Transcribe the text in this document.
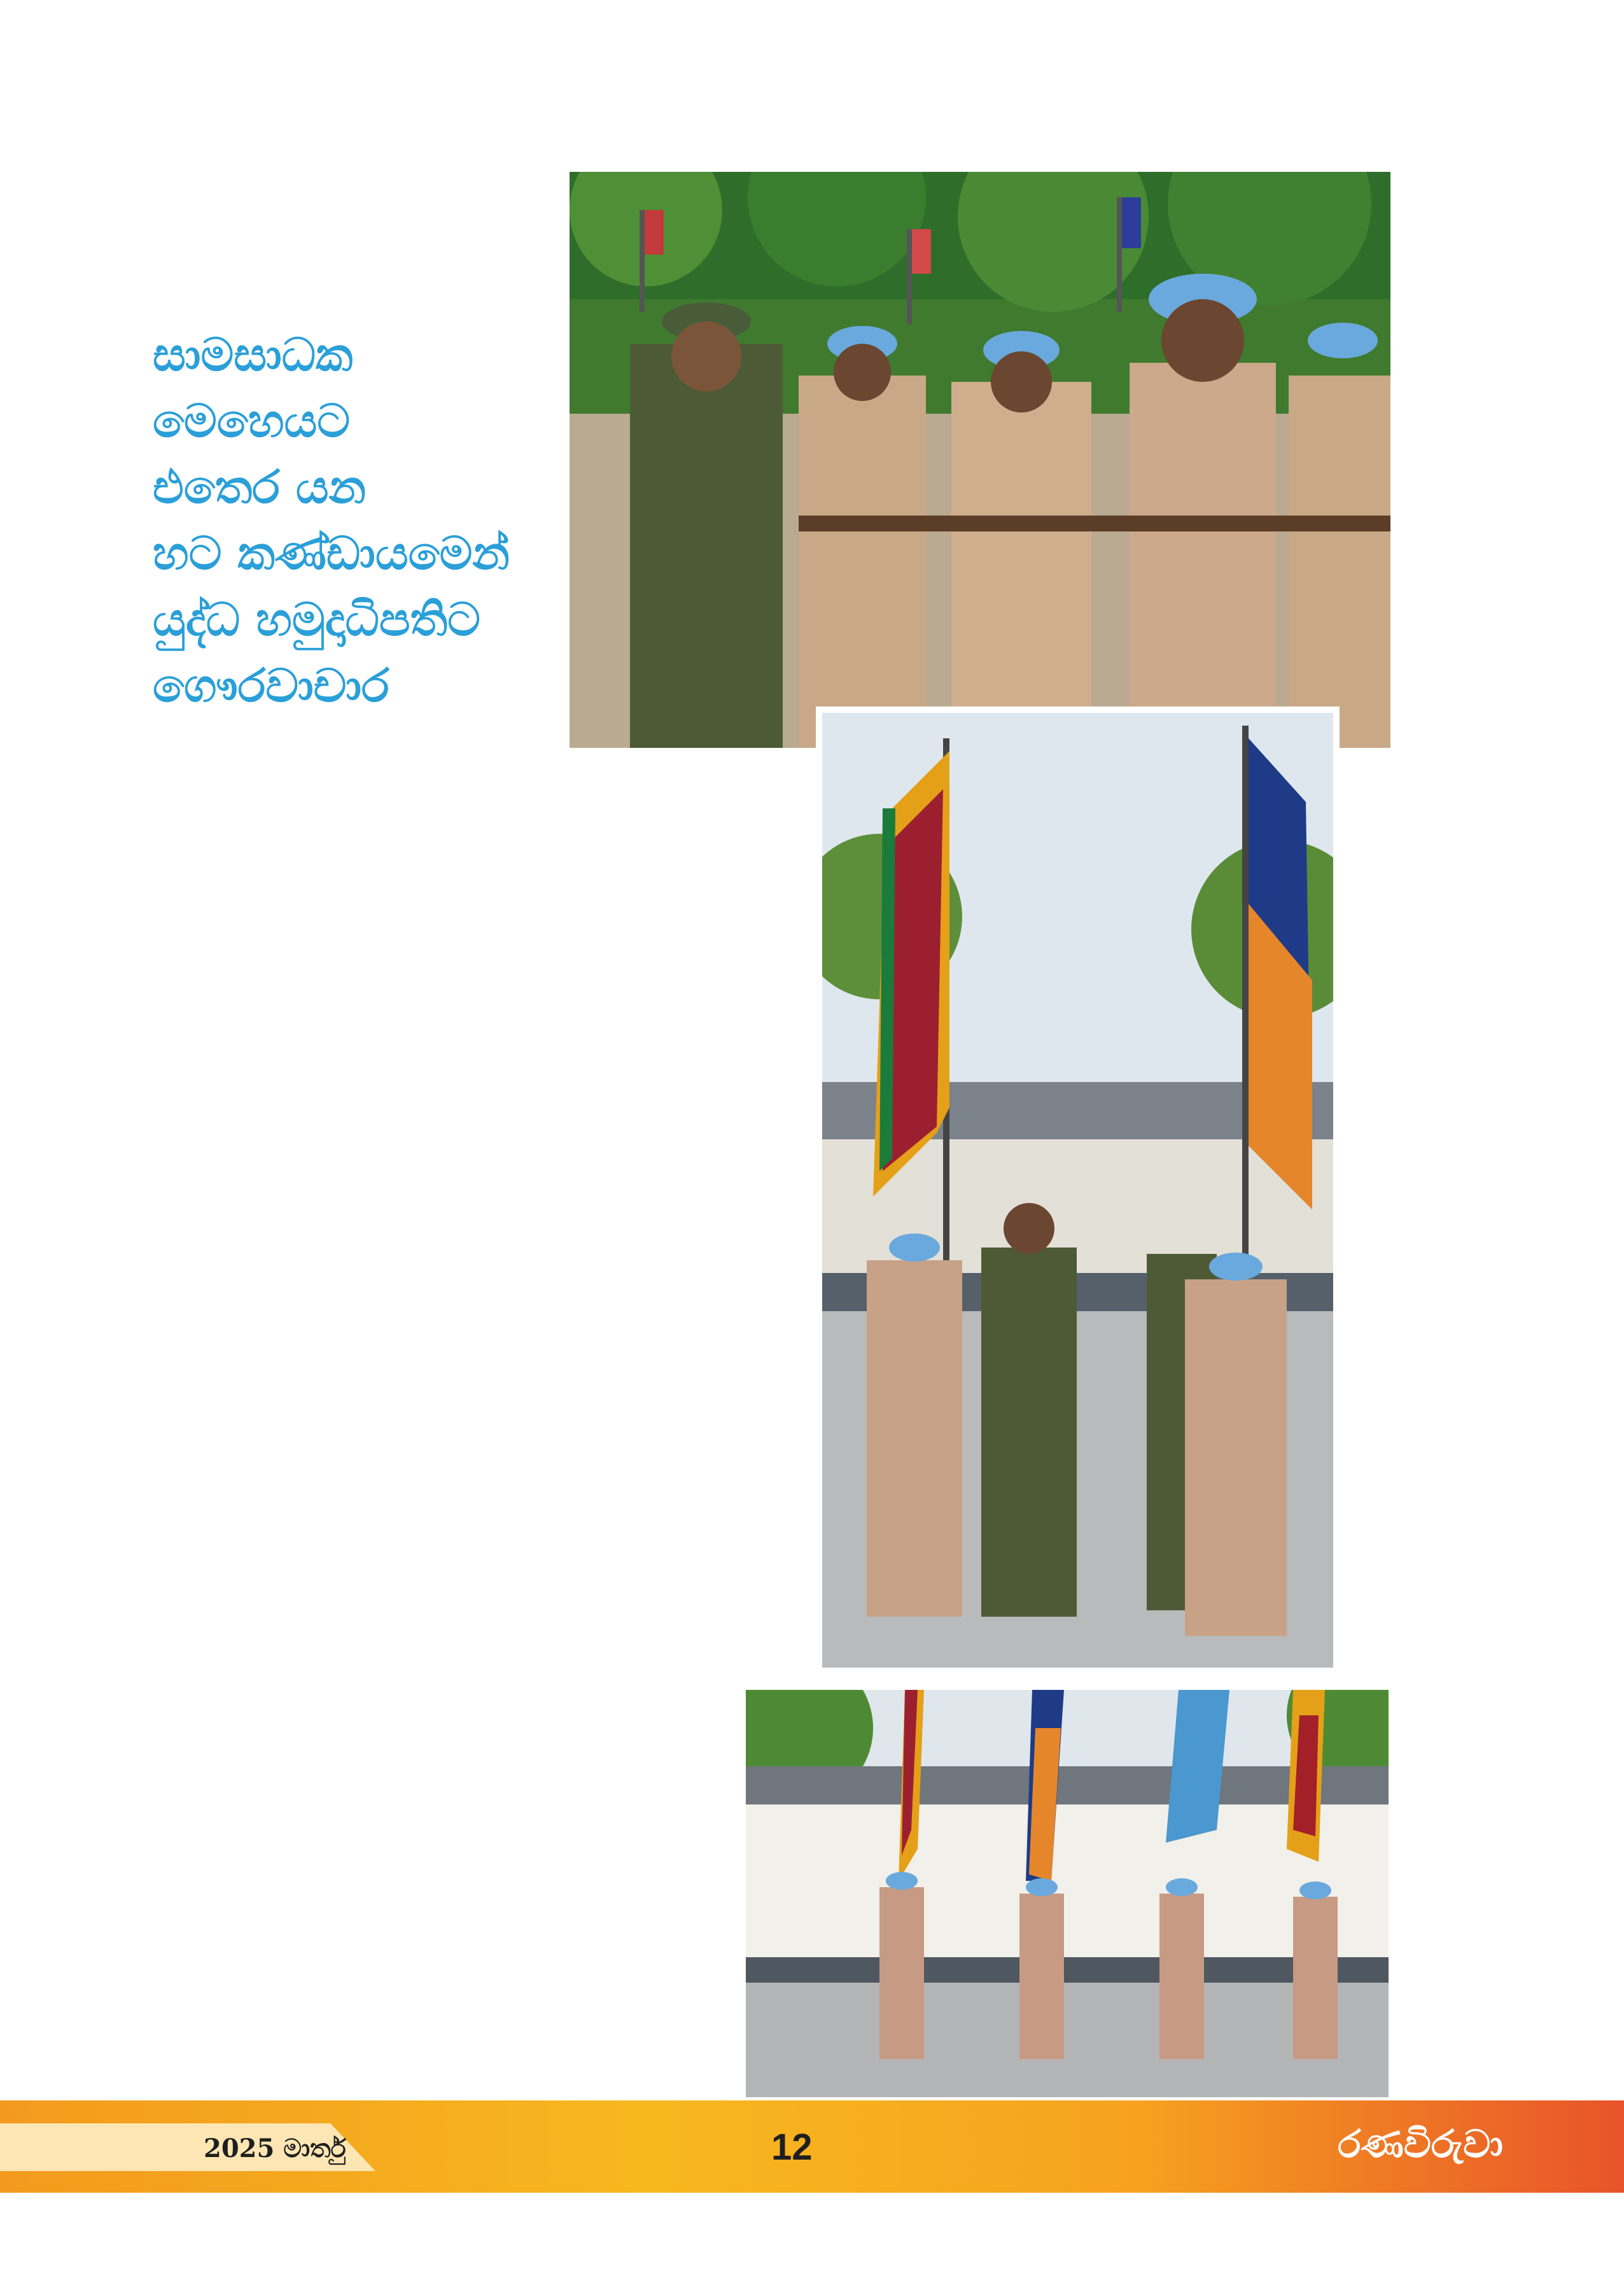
සාමසාධක
මෙහෙයට
එතෙර යන
හට කණ්ඩායමෙන්
යුද්ධ හමුදාධිපතිට
ගෞරවාචාර

2025 මාර්තු	12	රණවිරුවා
